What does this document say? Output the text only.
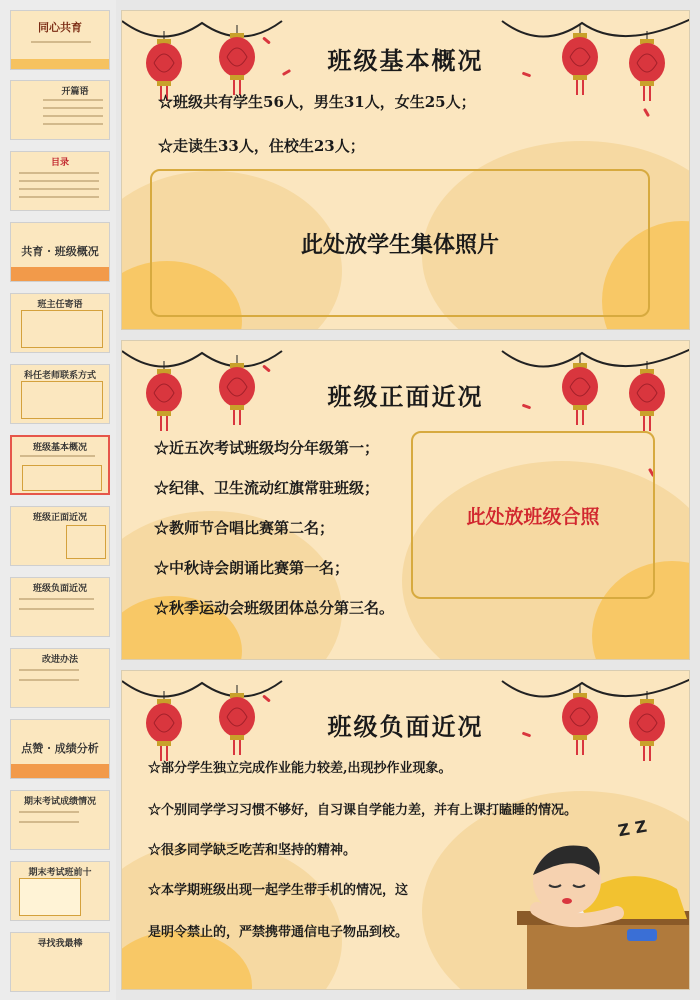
同心共育
开篇语
目录
共育 · 班级概况
班主任寄语
科任老师联系方式
班级基本概况
班级正面近况
班级负面近况
改进办法
点赞 · 成绩分析
期末考试成绩情况
期末考试班前十
寻找我最棒
班级基本概况
☆班级共有学生56人，男生31人，女生25人；
☆走读生33人，住校生23人；
此处放学生集体照片
班级正面近况
☆近五次考试班级均分年级第一；
☆纪律、卫生流动红旗常驻班级；
☆教师节合唱比赛第二名；
☆中秋诗会朗诵比赛第一名；
☆秋季运动会班级团体总分第三名。
此处放班级合照
班级负面近况
☆部分学生独立完成作业能力较差,出现抄作业现象。
☆个别同学学习习惯不够好，自习课自学能力差，并有上课打瞌睡的情况。
☆很多同学缺乏吃苦和坚持的精神。
☆本学期班级出现一起学生带手机的情况，这
是明令禁止的，严禁携带通信电子物品到校。
Z Z
